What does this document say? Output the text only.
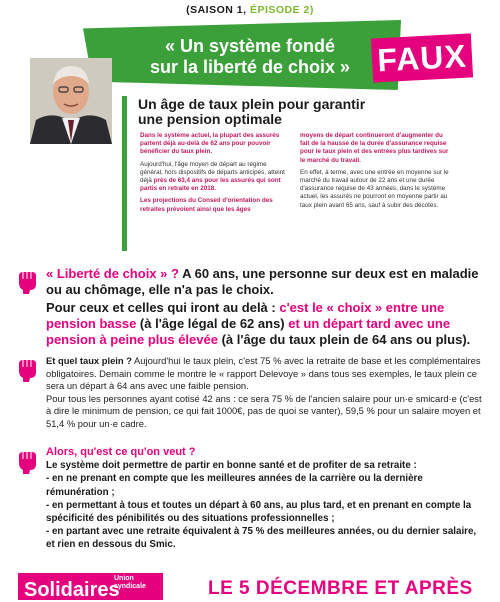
(SAISON 1, ÉPISODE 2)
« Un système fondé
sur la liberté de choix » FAUX
Un âge de taux plein pour garantir
une pension optimale

Dans le système actuel, la plupart des assurés partent déjà au-delà de 62 ans pour pouvoir bénéficier du taux plein.

Aujourd'hui, l'âge moyen de départ au régime général, hors dispositifs de départs anticipés, atteint déjà près de 63,4 ans pour les assurés qui sont partis en retraite en 2018.

Les projections du Conseil d'orientation des retraites prévoient ainsi que les âges

moyens de départ continueront d'augmenter du fait de la hausse de la durée d'assurance requise pour le taux plein et des entrées plus tardives sur le marché du travail.

En effet, à terme, avec une entrée en moyenne sur le marché du travail autour de 22 ans et une durée d'assurance requise de 43 années, dans le système actuel, les assurés ne pourront en moyenne partir au taux plein avant 65 ans, sauf à subir des décotes.

« Liberté de choix » ? A 60 ans, une personne sur deux est en maladie ou au chômage, elle n'a pas le choix.

Pour ceux et celles qui iront au delà : c'est le « choix » entre une pension basse (à l'âge légal de 62 ans) et un départ tard avec une pension à peine plus élevée (à l'âge du taux plein de 64 ans ou plus).

Et quel taux plein ? Aujourd'hui le taux plein, c'est 75 % avec la retraite de base et les complémentaires obligatoires. Demain comme le montre le « rapport Delevoye » dans tous ses exemples, le taux plein ce sera un départ à 64 ans avec une faible pension.

Pour tous les personnes ayant cotisé 42 ans : ce sera 75 % de l'ancien salaire pour un·e smicard·e (c'est à dire le minimum de pension, ce qui fait 1000€, pas de quoi se vanter), 59,5 % pour un salaire moyen et 51,4 % pour un·e cadre.

Alors, qu'est ce qu'on veut ?

Le système doit permettre de partir en bonne santé et de profiter de sa retraite :

- en ne prenant en compte que les meilleures années de la carrière ou la dernière rémunération ;

- en permettant à tous et toutes un départ à 60 ans, au plus tard, et en prenant en compte la spécificité des pénibilités ou des situations professionnelles ;

- en partant avec une retraite équivalent à 75 % des meilleures années, ou du dernier salaire, et rien en dessous du Smic.

Solidaires
Union
syndicale	LE 5 DÉCEMBRE ET APRÈS
